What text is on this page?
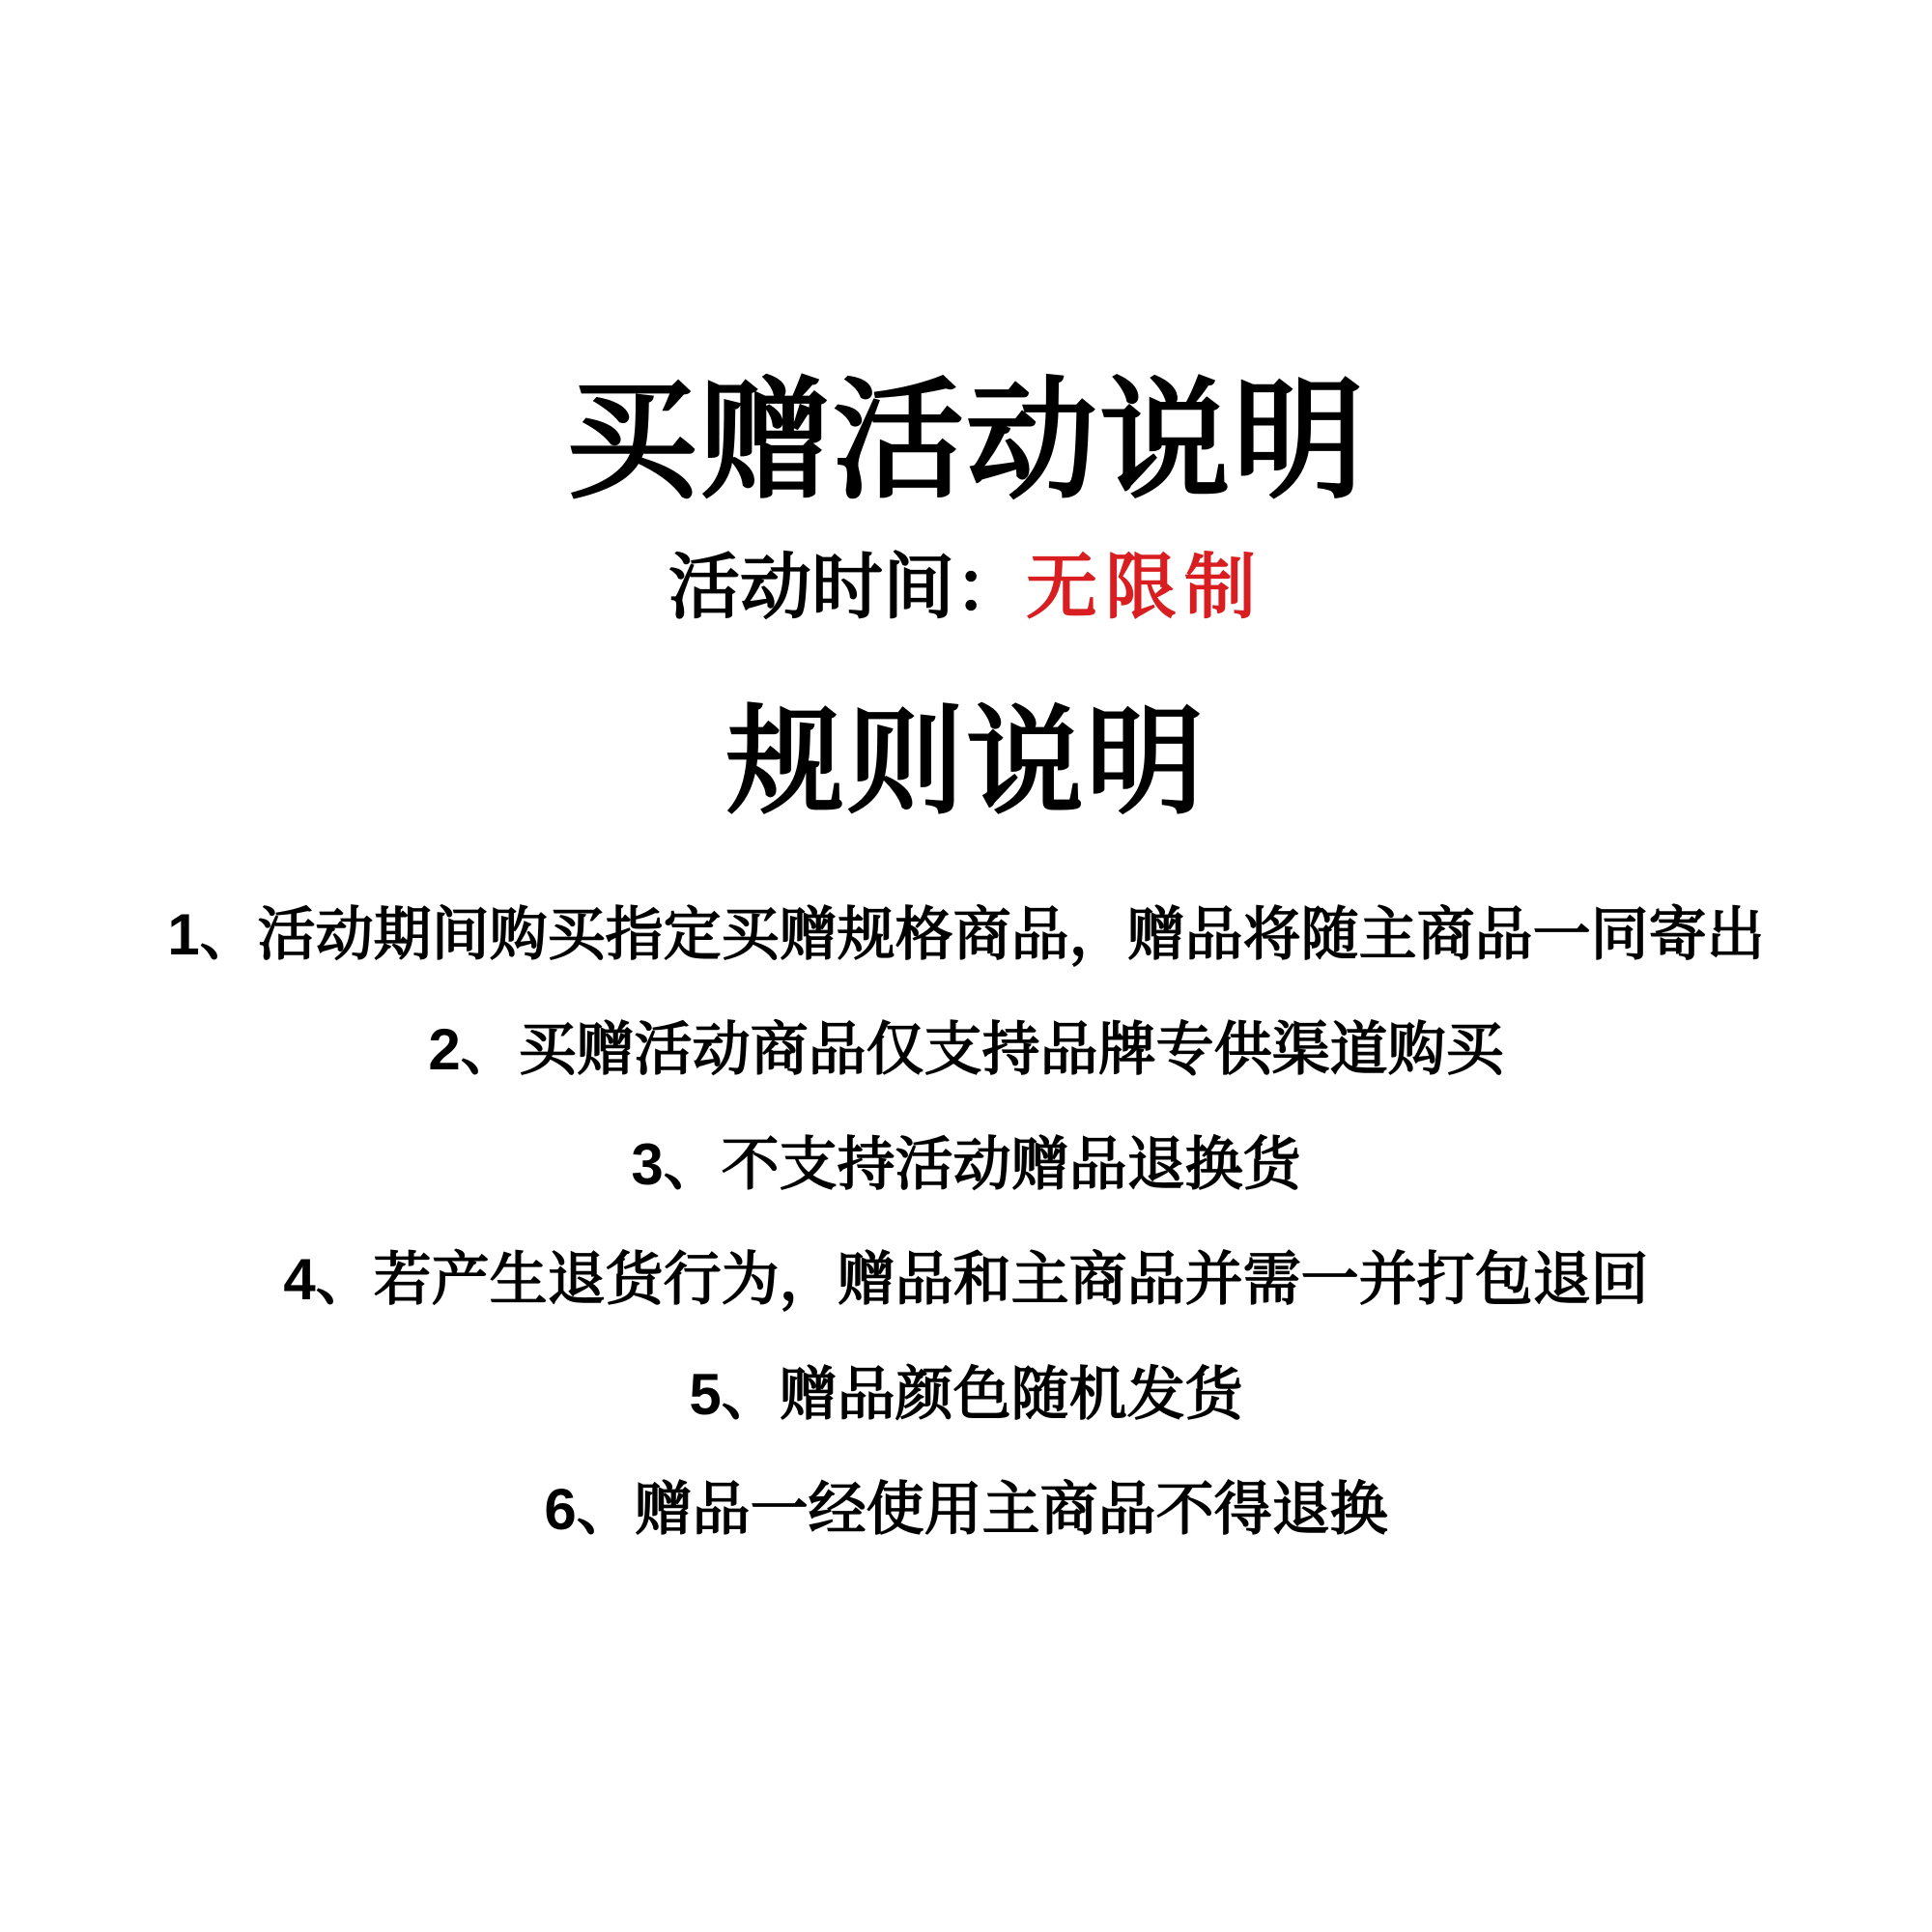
买赠活动说明

活动时间：无限制

规则说明
1、活动期间购买指定买赠规格商品，赠品将随主商品一同寄出
2、买赠活动商品仅支持品牌专供渠道购买
3、不支持活动赠品退换货
4、若产生退货行为，赠品和主商品并需一并打包退回
5、赠品颜色随机发货
6、赠品一经使用主商品不得退换
